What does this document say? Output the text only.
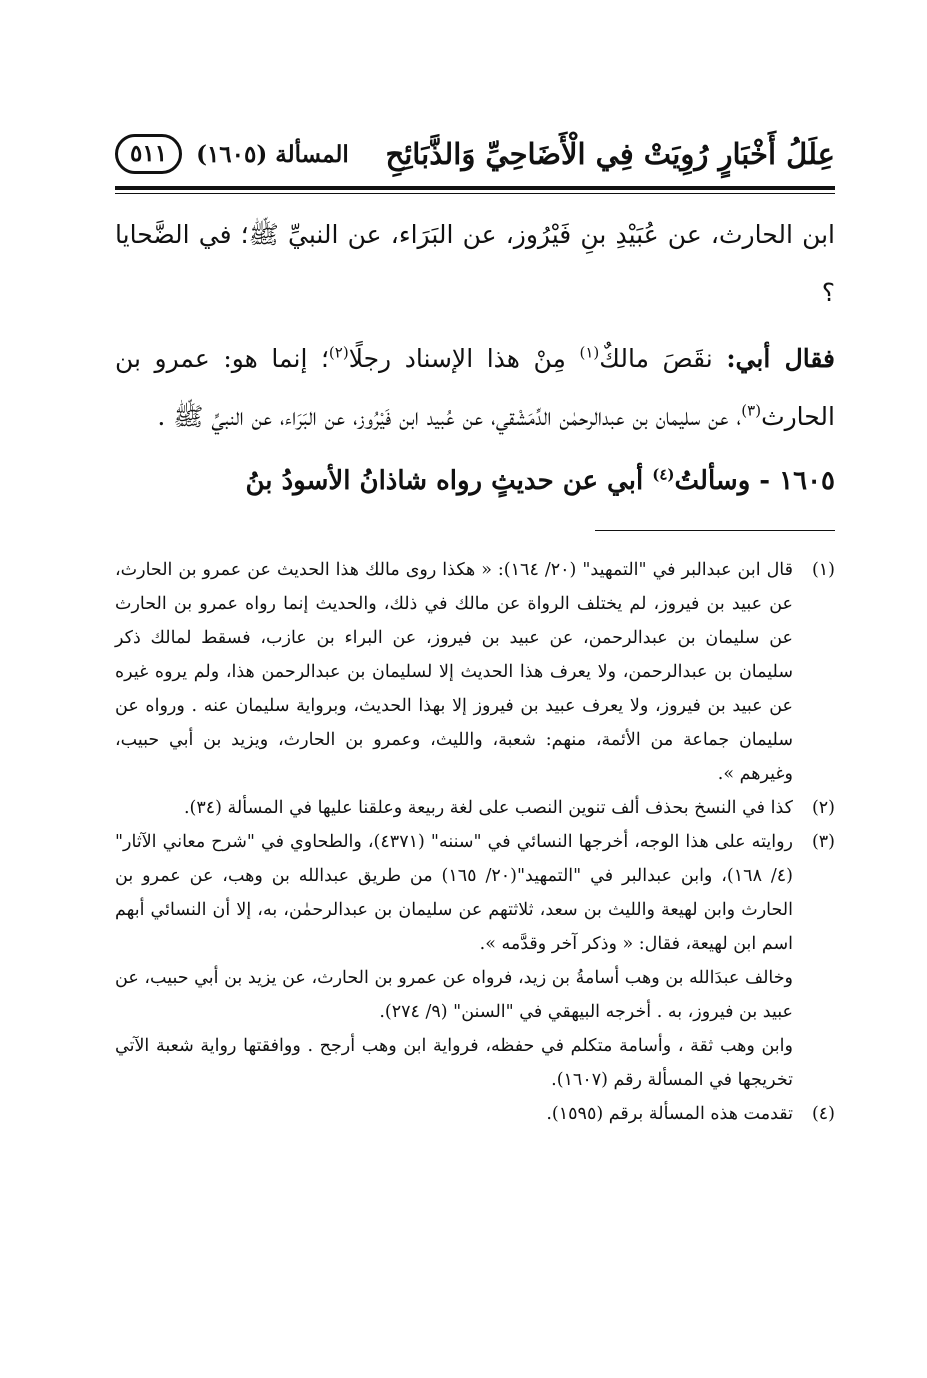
عِلَلُ أَخْبَارٍ رُوِيَتْ فِي الْأَضَاحِيِّ وَالذَّبَائِحِ
المسألة (١٦٠٥)
٥١١

ابن الحارث، عن عُبَيْدِ بنِ فَيْرُوز، عن البَرَاء، عن النبيِّ ﷺ؛ في الضَّحايا ؟

فقال أبي: نقَصَ مالكٌ$^{(١)}$ مِنْ هذا الإسناد رجلًا$^{(٢)}$؛ إنما هو: عمرو بن الحارث$^{(٣)}$، عن سليمان بن عبدالرحمٰن الدِّمَشْقي، عن عُبيد ابن فَيْرُوز، عن البَرَاء، عن النبيِّ ﷺ .

١٦٠٥ - وسألتُ$^{(٤)}$ أبي عن حديثٍ رواه شاذانُ الأسودُ بنُ

(١)
قال ابن عبدالبر في "التمهيد" (٢٠/ ١٦٤): « هكذا روى مالك هذا الحديث عن عمرو بن الحارث، عن عبيد بن فيروز، لم يختلف الرواة عن مالك في ذلك، والحديث إنما رواه عمرو بن الحارث عن سليمان بن عبدالرحمن، عن عبيد بن فيروز، عن البراء بن عازب، فسقط لمالك ذكر سليمان بن عبدالرحمن، ولا يعرف هذا الحديث إلا لسليمان بن عبدالرحمن هذا، ولم يروه غيره عن عبيد بن فيروز، ولا يعرف عبيد بن فيروز إلا بهذا الحديث، وبرواية سليمان عنه . ورواه عن سليمان جماعة من الأئمة، منهم: شعبة، والليث، وعمرو بن الحارث، ويزيد بن أبي حبيب، وغيرهم ».
(٢)
كذا في النسخ بحذف ألف تنوين النصب على لغة ربيعة وعلقنا عليها في المسألة (٣٤).
(٣)
روايته على هذا الوجه، أخرجها النسائي في "سننه" (٤٣٧١)، والطحاوي في "شرح معاني الآثار" (٤/ ١٦٨)، وابن عبدالبر في "التمهيد"(٢٠/ ١٦٥) من طريق عبدالله بن وهب، عن عمرو بن الحارث وابن لهيعة والليث بن سعد، ثلاثتهم عن سليمان بن عبدالرحمٰن، به، إلا أن النسائي أبهم اسم ابن لهيعة، فقال: « وذكر آخر وقدَّمه ».
وخالف عبدَالله بن وهب أسامةُ بن زيد، فرواه عن عمرو بن الحارث، عن يزيد بن أبي حبيب، عن عبيد بن فيروز، به . أخرجه البيهقي في "السنن" (٩/ ٢٧٤).
وابن وهب ثقة ، وأسامة متكلم في حفظه، فرواية ابن وهب أرجح . ووافقتها رواية شعبة الآتي تخريجها في المسألة رقم (١٦٠٧).
(٤)
تقدمت هذه المسألة برقم (١٥٩٥).
